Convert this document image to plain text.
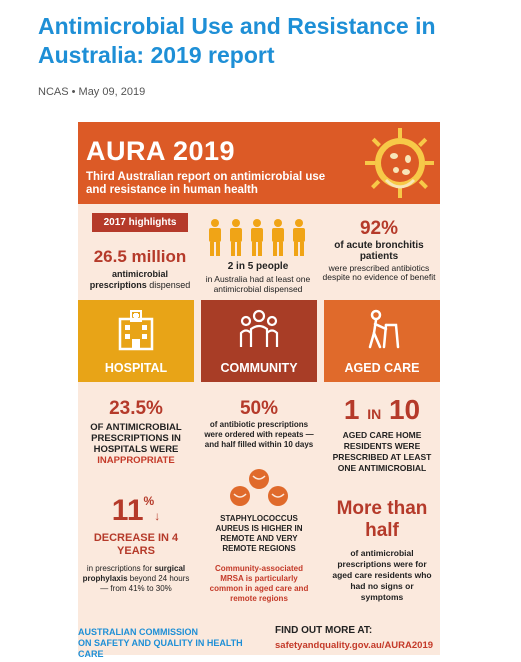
Antimicrobial Use and Resistance in Australia: 2019 report
NCAS • May 09, 2019
AURA 2019
Third Australian report on antimicrobial use and resistance in human health
2017 highlights
26.5 million
antimicrobial
prescriptions dispensed
2 in 5 people
in Australia had at least one antimicrobial dispensed
92%
of acute bronchitis patients
were prescribed antibiotics despite no evidence of benefit
HOSPITAL	COMMUNITY	AGED CARE
23.5%
OF ANTIMICROBIAL PRESCRIPTIONS IN HOSPITALS WERE INAPPROPRIATE
11%↓
DECREASE IN 4 YEARS
in prescriptions for surgical prophylaxis beyond 24 hours — from 41% to 30%
50%
of antibiotic prescriptions were ordered with repeats — and half filled within 10 days
STAPHYLOCOCCUS AUREUS IS HIGHER IN REMOTE AND VERY REMOTE REGIONS
Community-associated MRSA is particularly common in aged care and remote regions
1 IN 10
AGED CARE HOME RESIDENTS WERE PRESCRIBED AT LEAST ONE ANTIMICROBIAL
More than half
of antimicrobial prescriptions were for aged care residents who had no signs or symptoms
AUSTRALIAN COMMISSION
ON SAFETY AND QUALITY IN HEALTH CARE
FIND OUT MORE AT:
safetyandquality.gov.au/AURA2019
